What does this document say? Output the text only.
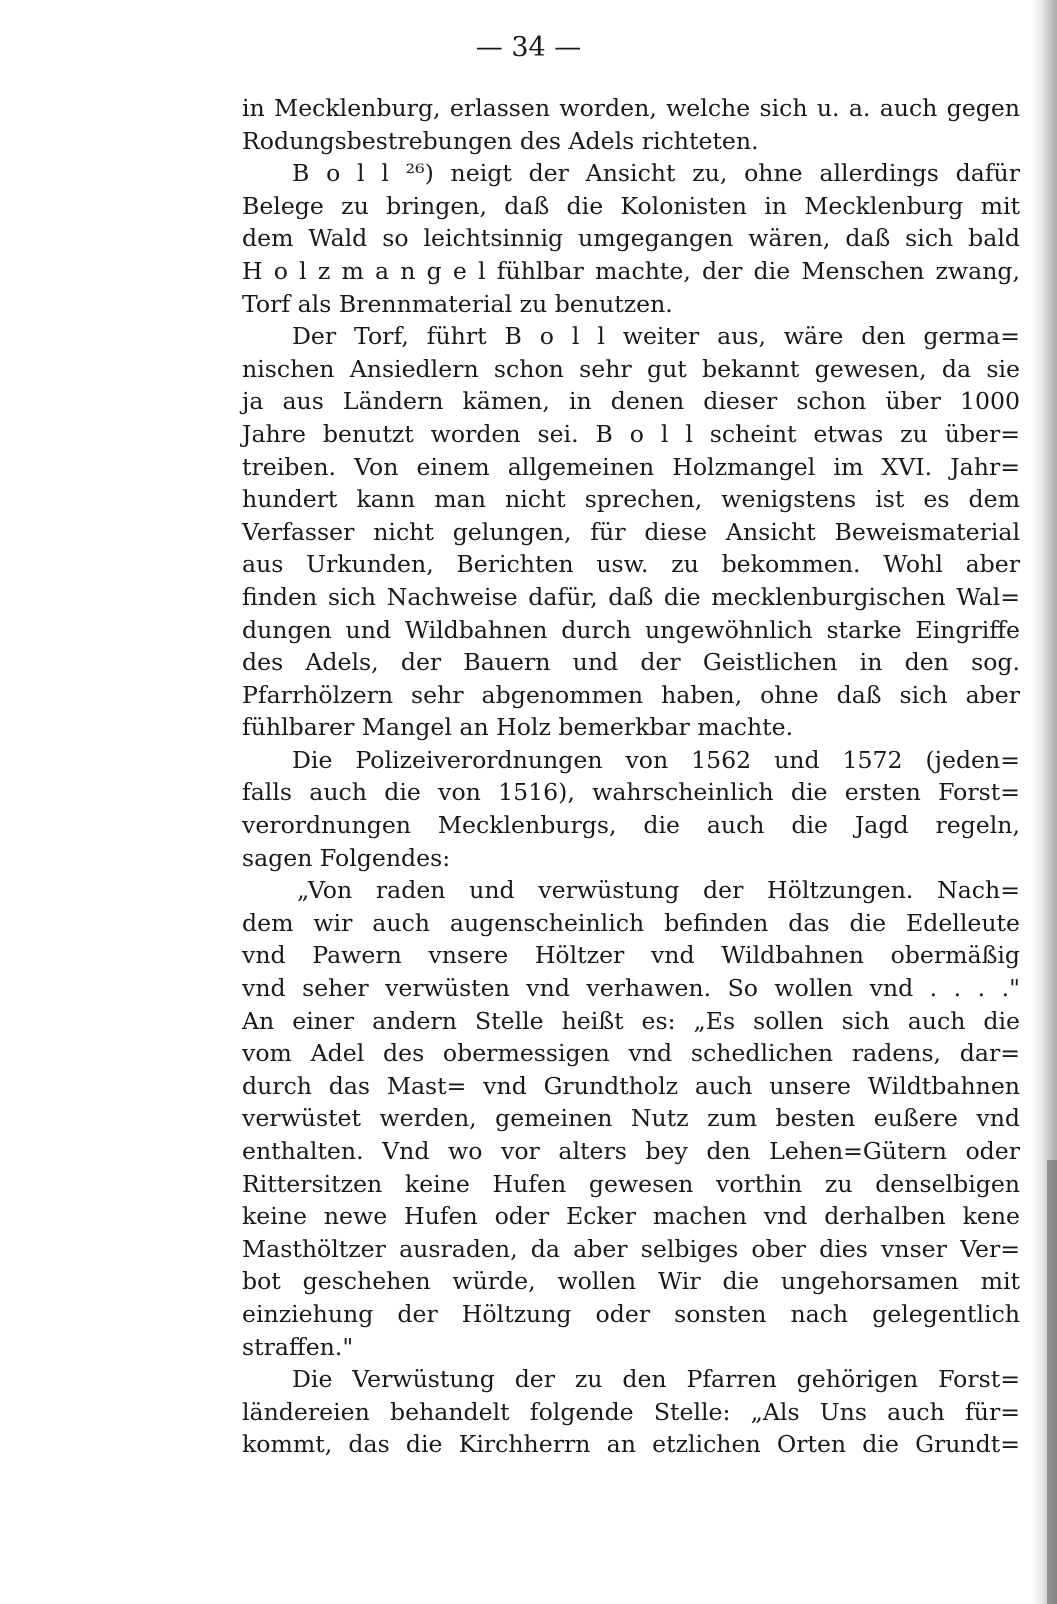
— 34 —
in Mecklenburg, erlassen worden, welche sich u. a. auch gegen
Rodungsbestrebungen des Adels richteten.
B o l l ²⁶) neigt der Ansicht zu, ohne allerdings dafür
Belege zu bringen, daß die Kolonisten in Mecklenburg mit
dem Wald so leichtsinnig umgegangen wären, daß sich bald
H o l z m a n g e l fühlbar machte, der die Menschen zwang,
Torf als Brennmaterial zu benutzen.
Der Torf, führt B o l l weiter aus, wäre den germa=
nischen Ansiedlern schon sehr gut bekannt gewesen, da sie
ja aus Ländern kämen, in denen dieser schon über 1000
Jahre benutzt worden sei. B o l l scheint etwas zu über=
treiben. Von einem allgemeinen Holzmangel im XVI. Jahr=
hundert kann man nicht sprechen, wenigstens ist es dem
Verfasser nicht gelungen, für diese Ansicht Beweismaterial
aus Urkunden, Berichten usw. zu bekommen. Wohl aber
finden sich Nachweise dafür, daß die mecklenburgischen Wal=
dungen und Wildbahnen durch ungewöhnlich starke Eingriffe
des Adels, der Bauern und der Geistlichen in den sog.
Pfarrhölzern sehr abgenommen haben, ohne daß sich aber
fühlbarer Mangel an Holz bemerkbar machte.
Die Polizeiverordnungen von 1562 und 1572 (jeden=
falls auch die von 1516), wahrscheinlich die ersten Forst=
verordnungen Mecklenburgs, die auch die Jagd regeln,
sagen Folgendes:
„Von raden und verwüstung der Höltzungen. Nach=
dem wir auch augenscheinlich befinden das die Edelleute
vnd Pawern vnsere Höltzer vnd Wildbahnen obermäßig
vnd seher verwüsten vnd verhawen. So wollen vnd . . . ."
An einer andern Stelle heißt es: „Es sollen sich auch die
vom Adel des obermessigen vnd schedlichen radens, dar=
durch das Mast= vnd Grundtholz auch unsere Wildtbahnen
verwüstet werden, gemeinen Nutz zum besten eußere vnd
enthalten. Vnd wo vor alters bey den Lehen=Gütern oder
Rittersitzen keine Hufen gewesen vorthin zu denselbigen
keine newe Hufen oder Ecker machen vnd derhalben kene
Masthöltzer ausraden, da aber selbiges ober dies vnser Ver=
bot geschehen würde, wollen Wir die ungehorsamen mit
einziehung der Höltzung oder sonsten nach gelegentlich
straffen."
Die Verwüstung der zu den Pfarren gehörigen Forst=
ländereien behandelt folgende Stelle: „Als Uns auch für=
kommt, das die Kirchherrn an etzlichen Orten die Grundt=
